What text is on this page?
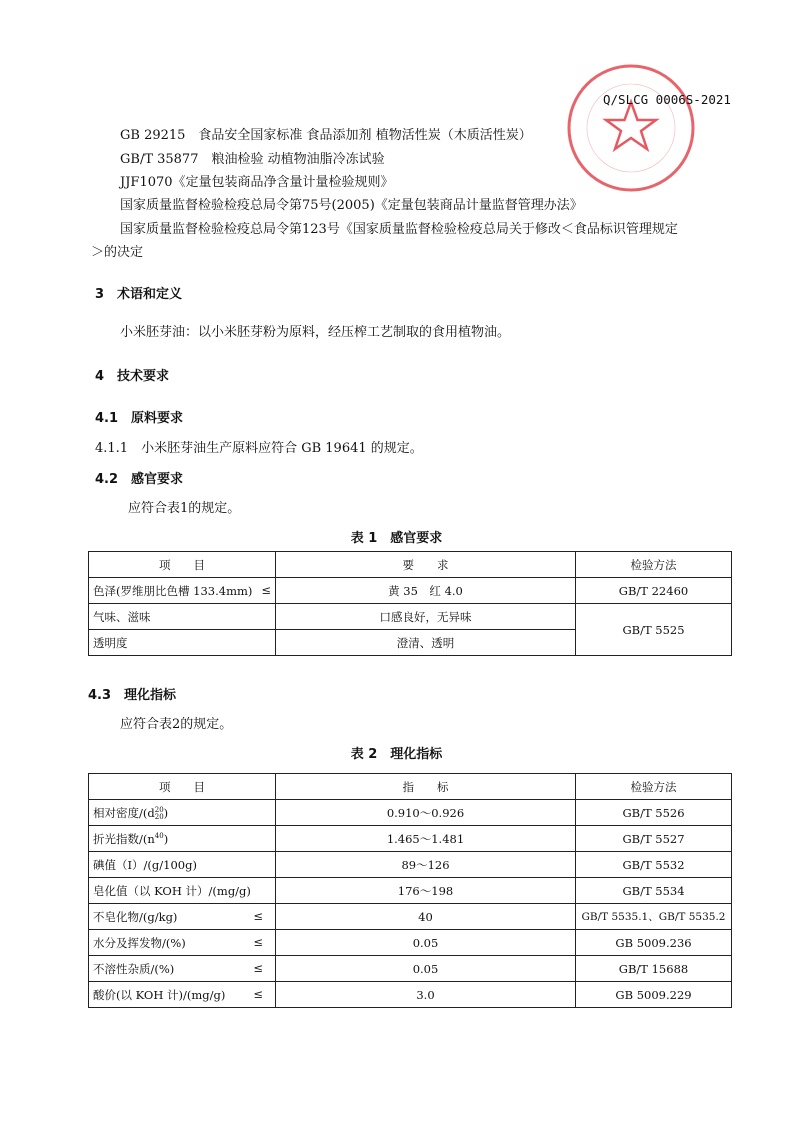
Q/SLCG 0006S-2021
GB 29215　食品安全国家标准 食品添加剂 植物活性炭（木质活性炭）
GB/T 35877　粮油检验 动植物油脂冷冻试验
JJF1070《定量包装商品净含量计量检验规则》
国家质量监督检验检疫总局令第75号(2005)《定量包装商品计量监督管理办法》
国家质量监督检验检疫总局令第123号《国家质量监督检验检疫总局关于修改＜食品标识管理规定
＞的决定
3　术语和定义
小米胚芽油：以小米胚芽粉为原料，经压榨工艺制取的食用植物油。
4　技术要求
4.1　原料要求
4.1.1　小米胚芽油生产原料应符合 GB 19641 的规定。
4.2　感官要求
应符合表1的规定。
表 1　感官要求
项　　目	要　　求	检验方法
色泽(罗维朋比色槽 133.4mm) ≤	黄 35　红 4.0	GB/T 22460
气味、滋味	口感良好，无异味	GB/T 5525
透明度	澄清、透明	
4.3　理化指标
应符合表2的规定。
表 2　理化指标
项　　目	指　　标	检验方法
相对密度/(d 20
20 )	0.910～0.926	GB/T 5526
折光指数$/(n^{40})$	1.465～1.481	GB/T 5527
碘值（I）/(g/100g)	89～126	GB/T 5532
皂化值（以 KOH 计）/(mg/g)	176～198	GB/T 5534
不皂化物/(g/kg) ≤	40	GB/T 5535.1、GB/T 5535.2
水分及挥发物/(%) ≤	0.05	GB 5009.236
不溶性杂质/(%) ≤	0.05	GB/T 15688
酸价(以 KOH 计)/(mg/g) ≤	3.0	GB 5009.229
